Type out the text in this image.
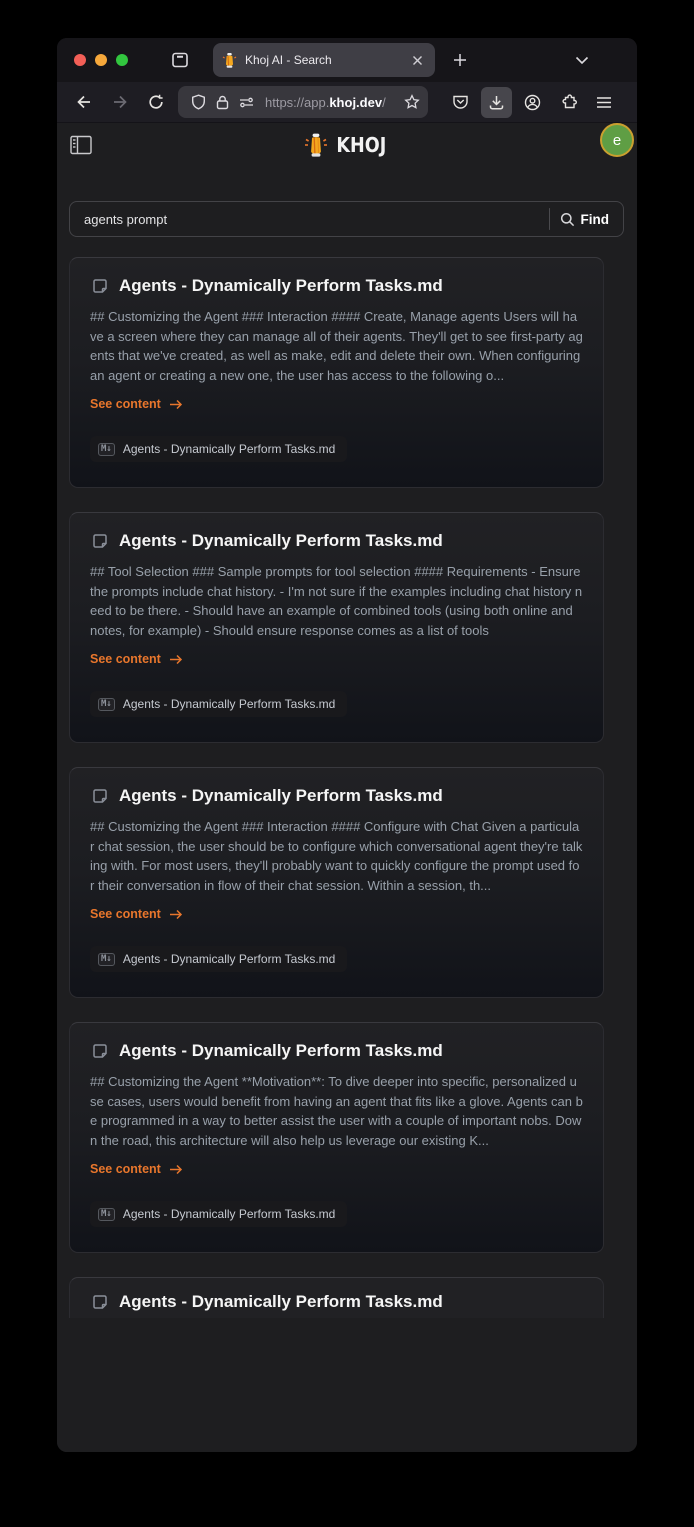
Khoj AI - Search
https://app.khoj.dev/
KHOJ	e
agents prompt	Find
Agents - Dynamically Perform Tasks.md
## Customizing the Agent ### Interaction #### Create, Manage agents Users will have a screen where they can manage all of their agents. They'll get to see first-party agents that we've created, as well as make, edit and delete their own. When configuring an agent or creating a new one, the user has access to the following o...
See content
M↓ Agents - Dynamically Perform Tasks.md
Agents - Dynamically Perform Tasks.md
## Tool Selection ### Sample prompts for tool selection #### Requirements - Ensure the prompts include chat history. - I'm not sure if the examples including chat history need to be there. - Should have an example of combined tools (using both online and notes, for example) - Should ensure response comes as a list of tools
See content
M↓ Agents - Dynamically Perform Tasks.md
Agents - Dynamically Perform Tasks.md
## Customizing the Agent ### Interaction #### Configure with Chat Given a particular chat session, the user should be to configure which conversational agent they're talking with. For most users, they'll probably want to quickly configure the prompt used for their conversation in flow of their chat session. Within a session, th...
See content
M↓ Agents - Dynamically Perform Tasks.md
Agents - Dynamically Perform Tasks.md
## Customizing the Agent **Motivation**: To dive deeper into specific, personalized use cases, users would benefit from having an agent that fits like a glove. Agents can be programmed in a way to better assist the user with a couple of important nobs. Down the road, this architecture will also help us leverage our existing K...
See content
M↓ Agents - Dynamically Perform Tasks.md
Agents - Dynamically Perform Tasks.md
